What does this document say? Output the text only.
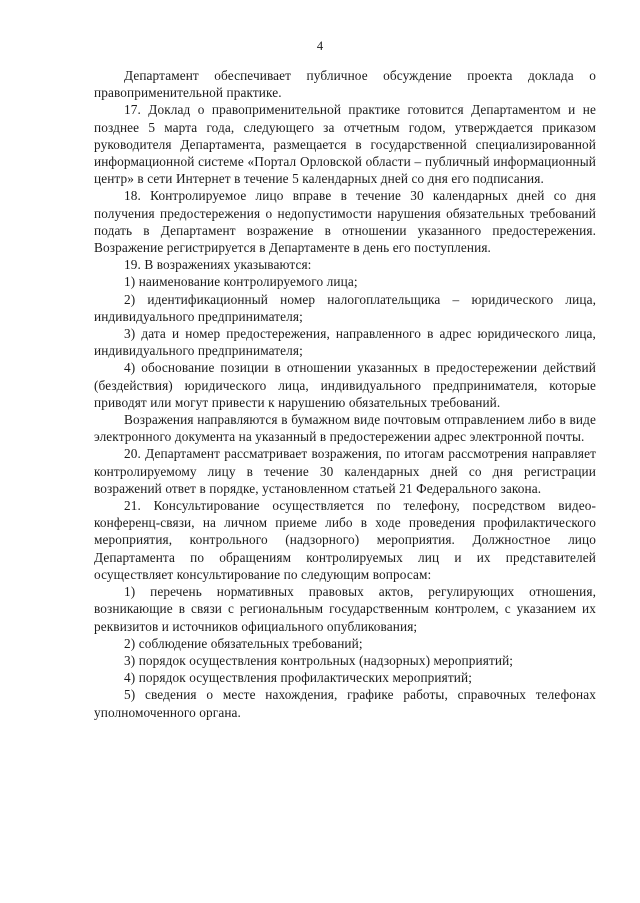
4

Департамент обеспечивает публичное обсуждение проекта доклада о правоприменительной практике.

17. Доклад о правоприменительной практике готовится Департаментом и не позднее 5 марта года, следующего за отчетным годом, утверждается приказом руководителя Департамента, размещается в государственной специализированной информационной системе «Портал Орловской области – публичный информационный центр» в сети Интернет в течение 5 календарных дней со дня его подписания.

18. Контролируемое лицо вправе в течение 30 календарных дней со дня получения предостережения о недопустимости нарушения обязательных требований подать в Департамент возражение в отношении указанного предостережения. Возражение регистрируется в Департаменте в день его поступления.

19. В возражениях указываются:

1) наименование контролируемого лица;

2) идентификационный номер налогоплательщика – юридического лица, индивидуального предпринимателя;

3) дата и номер предостережения, направленного в адрес юридического лица, индивидуального предпринимателя;

4) обоснование позиции в отношении указанных в предостережении действий (бездействия) юридического лица, индивидуального предпринимателя, которые приводят или могут привести к нарушению обязательных требований.

Возражения направляются в бумажном виде почтовым отправлением либо в виде электронного документа на указанный в предостережении адрес электронной почты.

20. Департамент рассматривает возражения, по итогам рассмотрения направляет контролируемому лицу в течение 30 календарных дней со дня регистрации возражений ответ в порядке, установленном статьей 21 Федерального закона.

21. Консультирование осуществляется по телефону, посредством видео-конференц-связи, на личном приеме либо в ходе проведения профилактического мероприятия, контрольного (надзорного) мероприятия. Должностное лицо Департамента по обращениям контролируемых лиц и их представителей осуществляет консультирование по следующим вопросам:

1) перечень нормативных правовых актов, регулирующих отношения, возникающие в связи с региональным государственным контролем, с указанием их реквизитов и источников официального опубликования;

2) соблюдение обязательных требований;

3) порядок осуществления контрольных (надзорных) мероприятий;

4) порядок осуществления профилактических мероприятий;

5) сведения о месте нахождения, графике работы, справочных телефонах уполномоченного органа.
